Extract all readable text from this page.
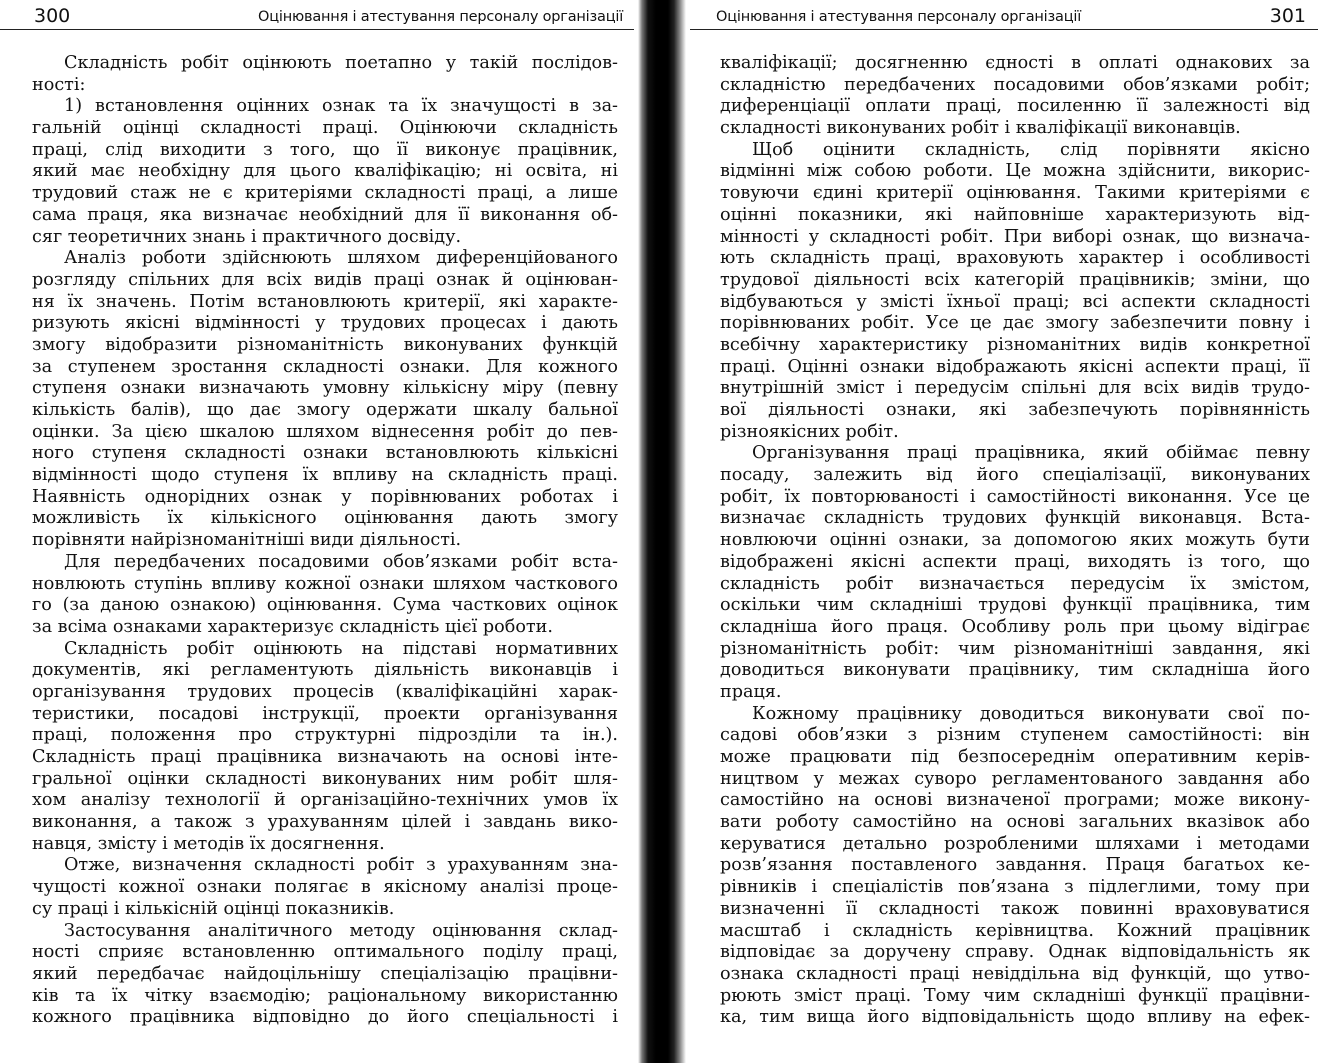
300	Оцінювання і атестування персоналу організації
Складність робіт оцінюють поетапно у такій послідов-
ності:
1) встановлення оцінних ознак та їх значущості в за-
гальній оцінці складності праці. Оцінюючи складність
праці, слід виходити з того, що її виконує працівник,
який має необхідну для цього кваліфікацію; ні освіта, ні
трудовий стаж не є критеріями складності праці, а лише
сама праця, яка визначає необхідний для її виконання об-
сяг теоретичних знань і практичного досвіду.
Аналіз роботи здійснюють шляхом диференційованого
розгляду спільних для всіх видів праці ознак й оцінюван-
ня їх значень. Потім встановлюють критерії, які характе-
ризують якісні відмінності у трудових процесах і дають
змогу відобразити різноманітність виконуваних функцій
за ступенем зростання складності ознаки. Для кожного
ступеня ознаки визначають умовну кількісну міру (певну
кількість балів), що дає змогу одержати шкалу бальної
оцінки. За цією шкалою шляхом віднесення робіт до пев-
ного ступеня складності ознаки встановлюють кількісні
відмінності щодо ступеня їх впливу на складність праці.
Наявність однорідних ознак у порівнюваних роботах і
можливість їх кількісного оцінювання дають змогу
порівняти найрізноманітніші види діяльності.
Для передбачених посадовими обов’язками робіт вста-
новлюють ступінь впливу кожної ознаки шляхом часткового
го (за даною ознакою) оцінювання. Сума часткових оцінок
за всіма ознаками характеризує складність цієї роботи.
Складність робіт оцінюють на підставі нормативних
документів, які регламентують діяльність виконавців і
організування трудових процесів (кваліфікаційні харак-
теристики, посадові інструкції, проекти організування
праці, положення про структурні підрозділи та ін.).
Складність праці працівника визначають на основі інте-
гральної оцінки складності виконуваних ним робіт шля-
хом аналізу технології й організаційно-технічних умов їх
виконання, а також з урахуванням цілей і завдань вико-
навця, змісту і методів їх досягнення.
Отже, визначення складності робіт з урахуванням зна-
чущості кожної ознаки полягає в якісному аналізі проце-
су праці і кількісній оцінці показників.
Застосування аналітичного методу оцінювання склад-
ності сприяє встановленню оптимального поділу праці,
який передбачає найдоцільнішу спеціалізацію працівни-
ків та їх чітку взаємодію; раціональному використанню
кожного працівника відповідно до його спеціальності і
Оцінювання і атестування персоналу організації	301
кваліфікації; досягненню єдності в оплаті однакових за
складністю передбачених посадовими обов’язками робіт;
диференціації оплати праці, посиленню її залежності від
складності виконуваних робіт і кваліфікації виконавців.
Щоб оцінити складність, слід порівняти якісно
відмінні між собою роботи. Це можна здійснити, викорис-
товуючи єдині критерії оцінювання. Такими критеріями є
оцінні показники, які найповніше характеризують від-
мінності у складності робіт. При виборі ознак, що визнача-
ють складність праці, враховують характер і особливості
трудової діяльності всіх категорій працівників; зміни, що
відбуваються у змісті їхньої праці; всі аспекти складності
порівнюваних робіт. Усе це дає змогу забезпечити повну і
всебічну характеристику різноманітних видів конкретної
праці. Оцінні ознаки відображають якісні аспекти праці, її
внутрішній зміст і передусім спільні для всіх видів трудо-
вої діяльності ознаки, які забезпечують порівнянність
різноякісних робіт.
Організування праці працівника, який обіймає певну
посаду, залежить від його спеціалізації, виконуваних
робіт, їх повторюваності і самостійності виконання. Усе це
визначає складність трудових функцій виконавця. Вста-
новлюючи оцінні ознаки, за допомогою яких можуть бути
відображені якісні аспекти праці, виходять із того, що
складність робіт визначається передусім їх змістом,
оскільки чим складніші трудові функції працівника, тим
складніша його праця. Особливу роль при цьому відіграє
різноманітність робіт: чим різноманітніші завдання, які
доводиться виконувати працівнику, тим складніша його
праця.
Кожному працівнику доводиться виконувати свої по-
садові обов’язки з різним ступенем самостійності: він
може працювати під безпосереднім оперативним керів-
ництвом у межах суворо регламентованого завдання або
самостійно на основі визначеної програми; може викону-
вати роботу самостійно на основі загальних вказівок або
керуватися детально розробленими шляхами і методами
розв’язання поставленого завдання. Праця багатьох ке-
рівників і спеціалістів пов’язана з підлеглими, тому при
визначенні її складності також повинні враховуватися
масштаб і складність керівництва. Кожний працівник
відповідає за доручену справу. Однак відповідальність як
ознака складності праці невіддільна від функцій, що утво-
рюють зміст праці. Тому чим складніші функції працівни-
ка, тим вища його відповідальність щодо впливу на ефек-
